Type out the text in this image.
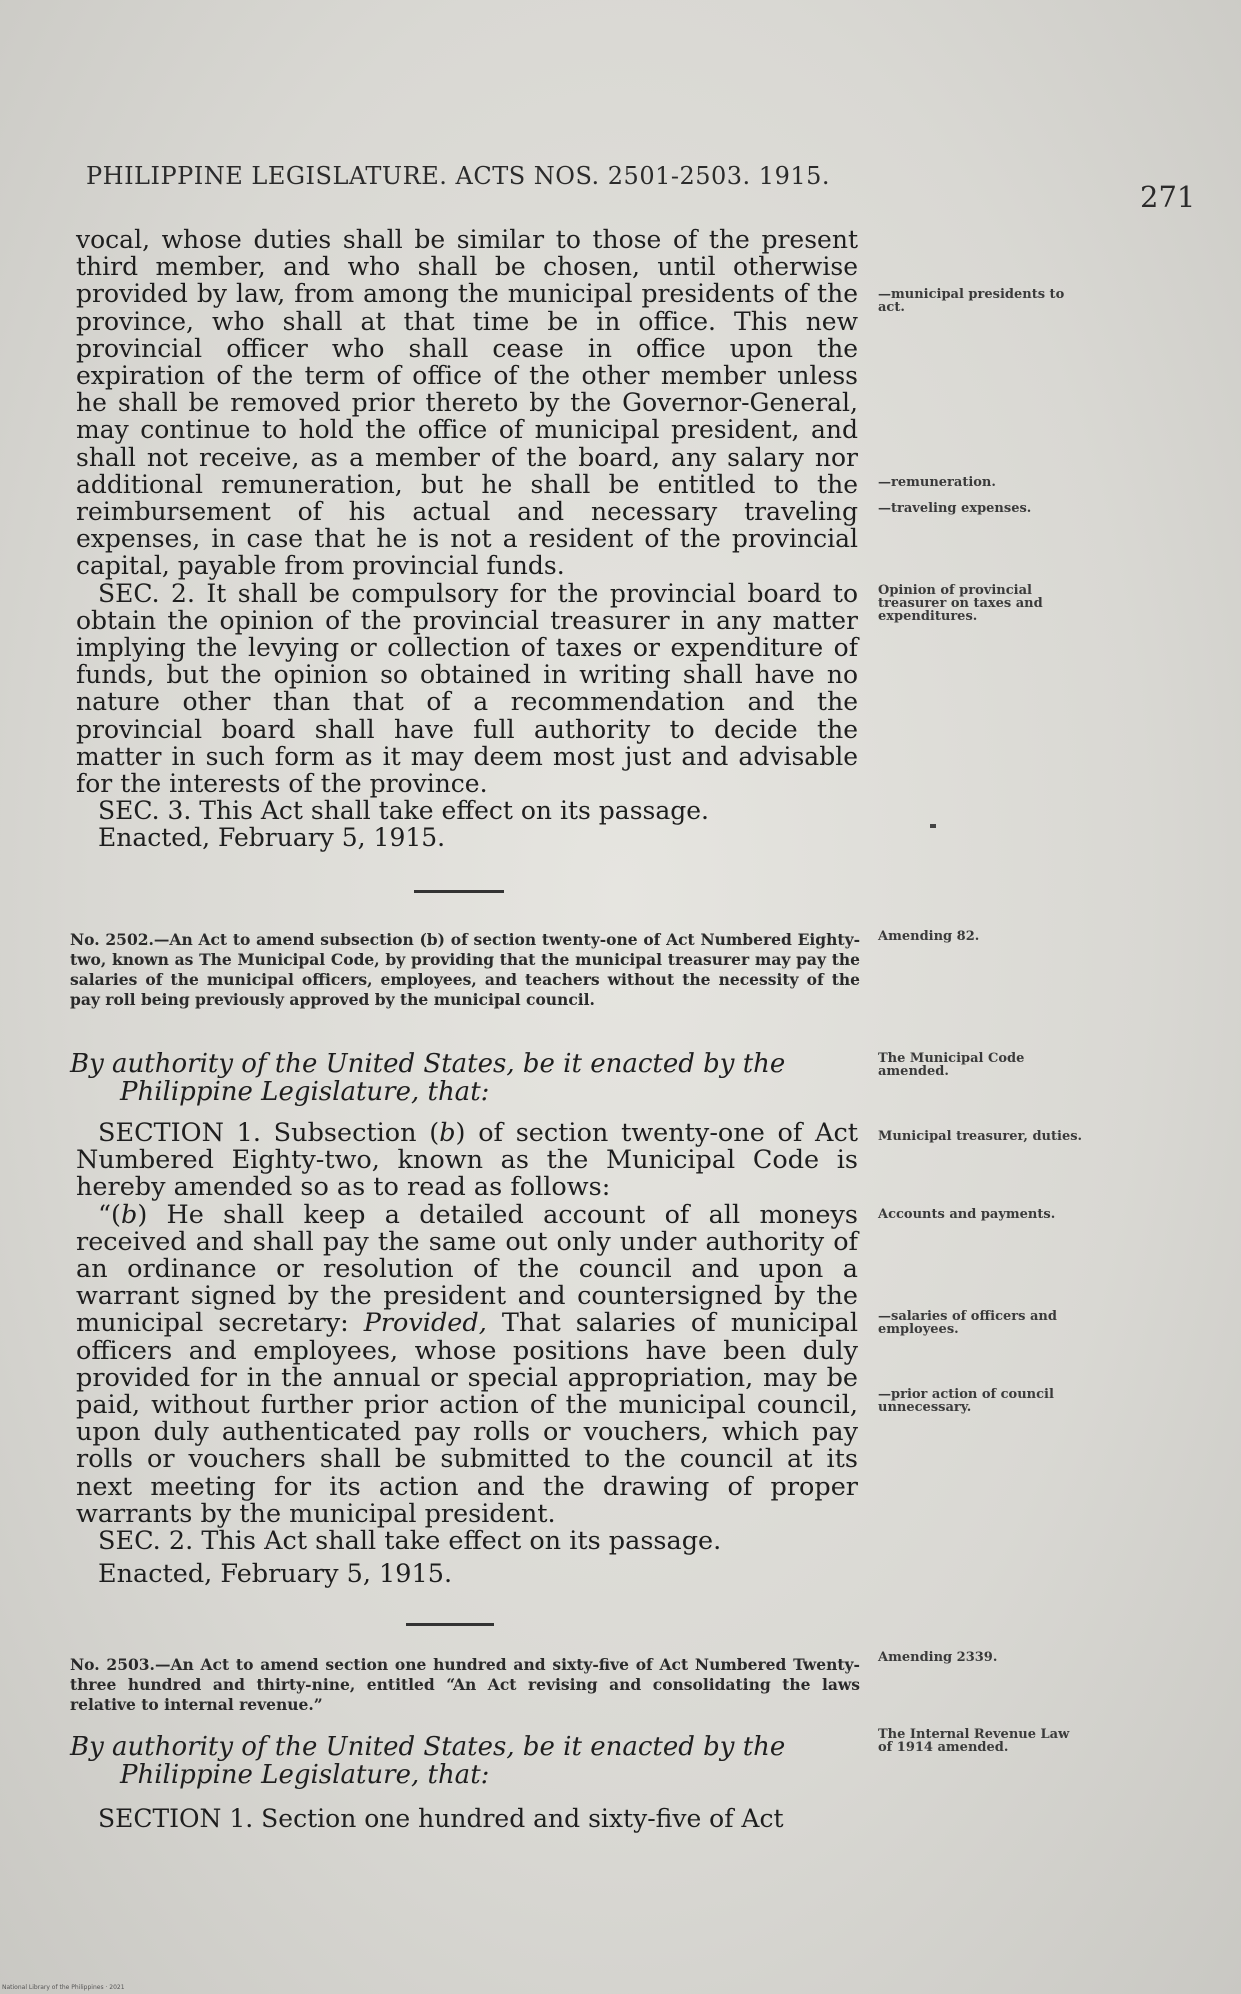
PHILIPPINE LEGISLATURE. ACTS NOS. 2501-2503. 1915.
271

vocal, whose duties shall be similar to those of the present third member, and who shall be chosen, until otherwise provided by law, from among the municipal presidents of the province, who shall at that time be in office. This new provincial officer who shall cease in office upon the expiration of the term of office of the other member unless he shall be removed prior thereto by the Governor-General, may continue to hold the office of municipal president, and shall not receive, as a member of the board, any salary nor additional remuneration, but he shall be entitled to the reimbursement of his actual and necessary traveling expenses, in case that he is not a resident of the provincial capital, payable from provincial funds.

SEC. 2. It shall be compulsory for the provincial board to obtain the opinion of the provincial treasurer in any matter implying the levying or collection of taxes or expenditure of funds, but the opinion so obtained in writing shall have no nature other than that of a recommendation and the provincial board shall have full authority to decide the matter in such form as it may deem most just and advisable for the interests of the province.

SEC. 3. This Act shall take effect on its passage.

Enacted, February 5, 1915.

No. 2502.—An Act to amend subsection (b) of section twenty-one of Act Numbered Eighty-two, known as The Municipal Code, by providing that the municipal treasurer may pay the salaries of the municipal officers, employees, and teachers without the necessity of the pay roll being previously approved by the municipal council.
By authority of the United States, be it enacted by the
Philippine Legislature, that:

SECTION 1. Subsection (b) of section twenty-one of Act Numbered Eighty-two, known as the Municipal Code is hereby amended so as to read as follows:

“(b) He shall keep a detailed account of all moneys received and shall pay the same out only under authority of an ordinance or resolution of the council and upon a warrant signed by the president and countersigned by the municipal secretary: Provided, That salaries of municipal officers and employees, whose positions have been duly provided for in the annual or special appropriation, may be paid, without further prior action of the municipal council, upon duly authenticated pay rolls or vouchers, which pay rolls or vouchers shall be submitted to the council at its next meeting for its action and the drawing of proper warrants by the municipal president.

SEC. 2. This Act shall take effect on its passage.

Enacted, February 5, 1915.

No. 2503.—An Act to amend section one hundred and sixty-five of Act Numbered Twenty-three hundred and thirty-nine, entitled “An Act revising and consolidating the laws relative to internal revenue.”
By authority of the United States, be it enacted by the
Philippine Legislature, that:

SECTION 1. Section one hundred and sixty-five of Act

—municipal presidents to act.
—remuneration.
—traveling expenses.
Opinion of provincial treasurer on taxes and expenditures.
Amending 82.
The Municipal Code amended.
Municipal treasurer, duties.
Accounts and payments.
—salaries of officers and employees.
—prior action of council unnecessary.
Amending 2339.
The Internal Revenue Law of 1914 amended.
National Library of the Philippines · 2021
